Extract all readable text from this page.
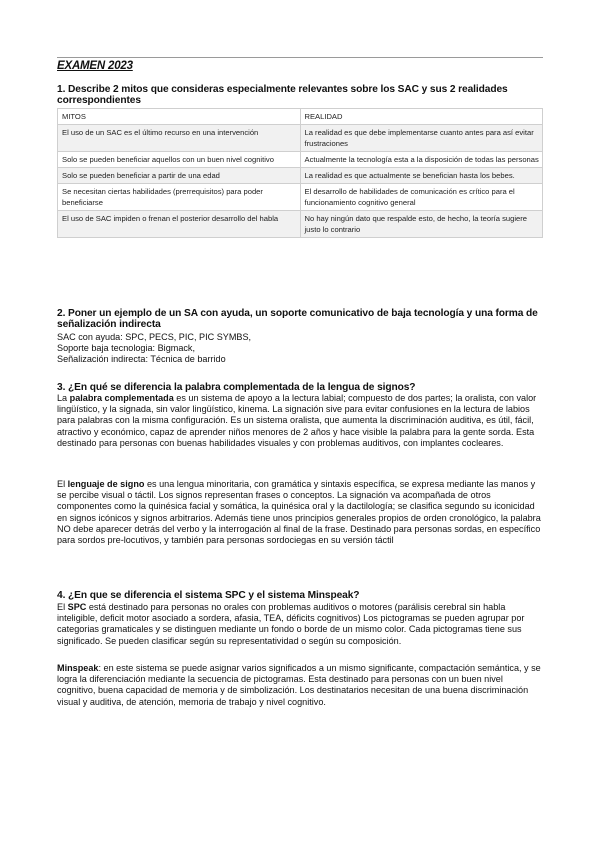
EXAMEN 2023
1. Describe 2 mitos que consideras especialmente relevantes sobre los SAC y sus 2 realidades correspondientes
MITOS	REALIDAD
El uso de un SAC es el último recurso en una intervención	La realidad es que debe implementarse cuanto antes para así evitar frustraciones
Solo se pueden beneficiar aquellos con un buen nivel cognitivo	Actualmente la tecnología esta a la disposición de todas las personas
Solo se pueden beneficiar a partir de una edad	La realidad es que actualmente se benefician hasta los bebes.
Se necesitan ciertas habilidades (prerrequisitos) para poder beneficiarse	El desarrollo de habilidades de comunicación es crítico para el funcionamiento cognitivo general
El uso de SAC impiden o frenan el posterior desarrollo del habla	No hay ningún dato que respalde esto, de hecho, la teoría sugiere justo lo contrario
2. Poner un ejemplo de un SA con ayuda, un soporte comunicativo de baja tecnología y una forma de señalización indirecta
SAC con ayuda: SPC, PECS, PIC, PIC SYMBS,
Soporte baja tecnologia: Bigmack,
Señalización indirecta: Técnica de barrido
3. ¿En qué se diferencia la palabra complementada de la lengua de signos?
La palabra complementada es un sistema de apoyo a la lectura labial; compuesto de dos partes; la oralista, con valor lingüístico, y la signada, sin valor lingüístico, kinema. La signación sive para evitar confusiones en la lectura de labios para palabras con la misma configuración. Es un sistema oralista, que aumenta la discriminación auditiva, es útil, fácil, atractivo y económico, capaz de aprender niños menores de 2 años y hace visible la palabra para la gente sorda. Esta destinado para personas con buenas habilidades visuales y con problemas auditivos, con implantes cocleares.
El lenguaje de signo es una lengua minoritaria, con gramática y sintaxis específica, se expresa mediante las manos y se percibe visual o táctil. Los signos representan frases o conceptos. La signación va acompañada de otros componentes como la quinésica facial y somática, la quinésica oral y la dactilología; se clasifica segundo su iconicidad en signos icónicos y signos arbitrarios. Además tiene unos principios generales propios de orden cronológico, la palabra NO debe aparecer detrás del verbo y la interrogación al final de la frase. Destinado para personas sordas, en específico para sordos pre-locutivos, y también para personas sordociegas en su versión táctil
4. ¿En que se diferencia el sistema SPC y el sistema Minspeak?
El SPC está destinado para personas no orales con problemas auditivos o motores (parálisis cerebral sin habla inteligible, deficit motor asociado a sordera, afasia, TEA, déficits cognitivos) Los pictogramas se pueden agrupar por categorias gramaticales y se distinguen mediante un fondo o borde de un mismo color. Cada pictogramas tiene sus significado. Se pueden clasificar según su representatividad o según su composición.
Minspeak: en este sistema se puede asignar varios significados a un mismo significante, compactación semántica, y se logra la diferenciación mediante la secuencia de pictogramas. Esta destinado para personas con un buen nivel cognitivo, buena capacidad de memoria y de simbolización. Los destinatarios necesitan de una buena discriminación visual y auditiva, de atención, memoria de trabajo y nivel cognitivo.
